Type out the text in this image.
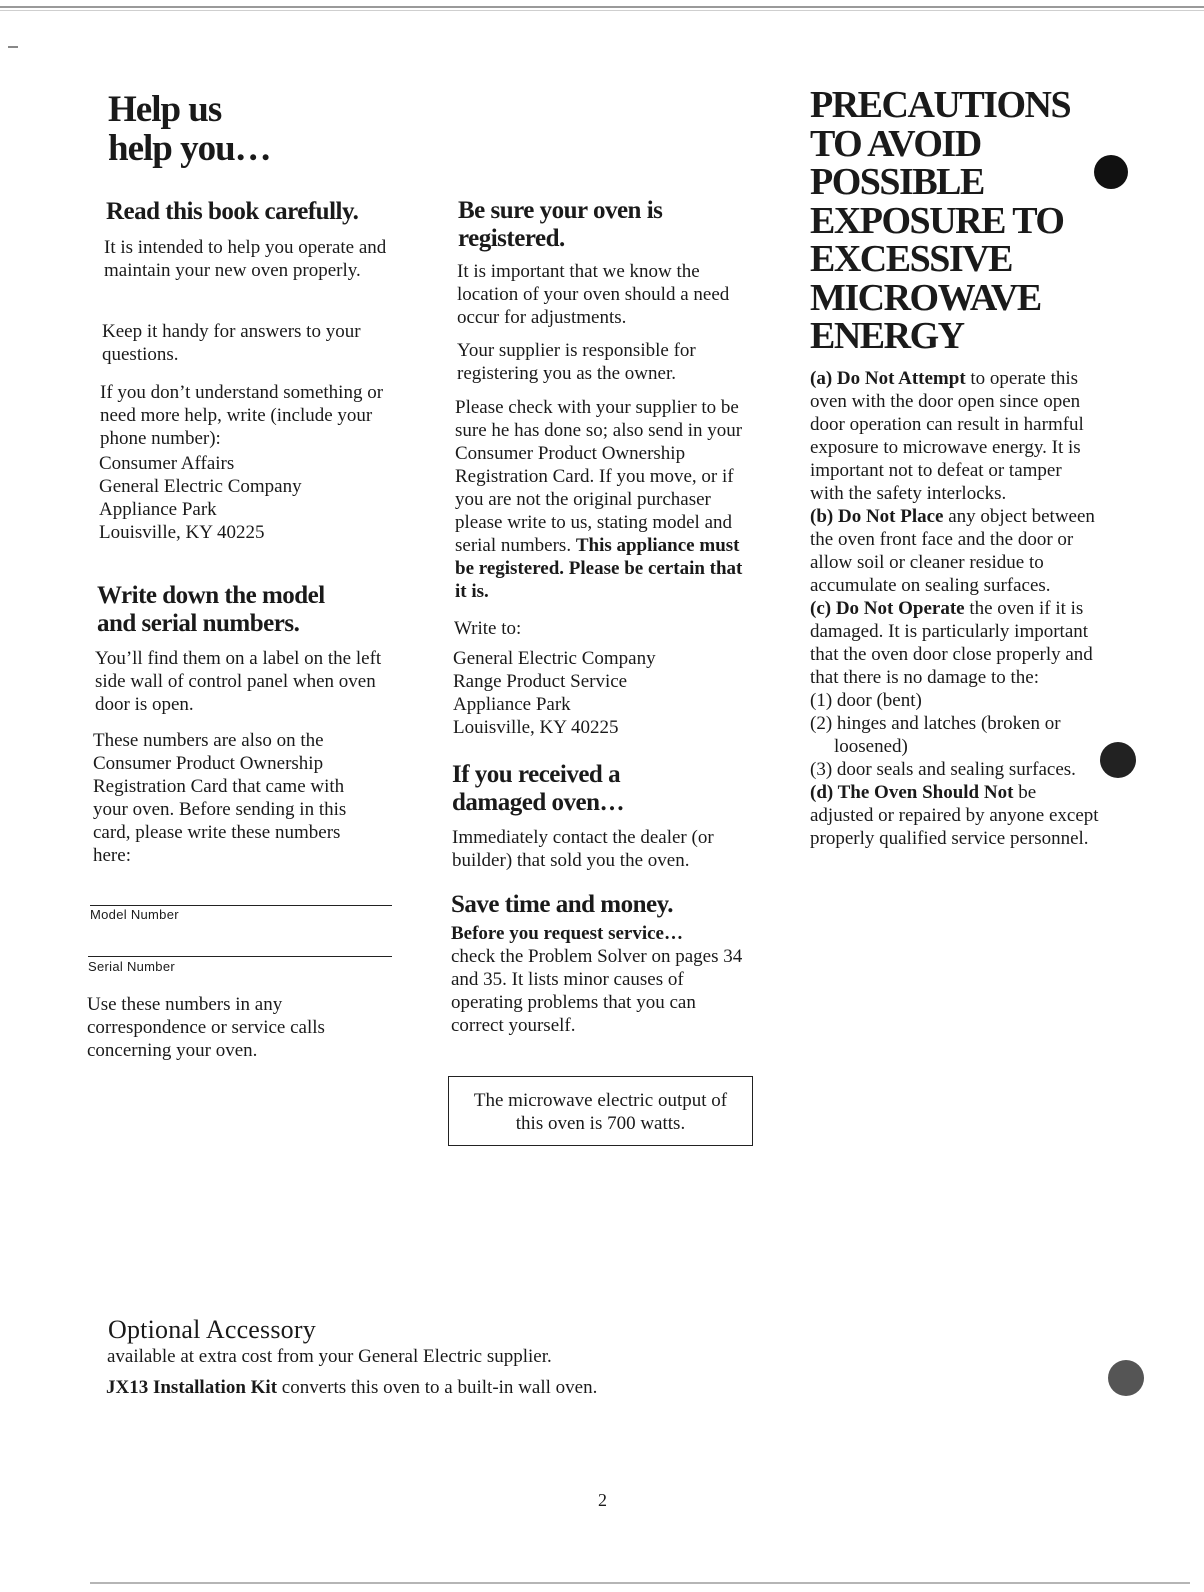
Help us
help you…
Read this book carefully.
It is intended to help you operate and maintain your new oven properly.
Keep it handy for answers to your questions.
If you don’t understand something or need more help, write (include your phone number):
Consumer Affairs
General Electric Company
Appliance Park
Louisville, KY 40225
Write down the model
and serial numbers.
You’ll find them on a label on the left side wall of control panel when oven door is open.
These numbers are also on the Consumer Product Ownership Registration Card that came with your oven. Before sending in this card, please write these numbers here:
Model Number
Serial Number
Use these numbers in any correspondence or service calls concerning your oven.
Be sure your oven is
registered.
It is important that we know the location of your oven should a need occur for adjustments.
Your supplier is responsible for registering you as the owner.
Please check with your supplier to be sure he has done so; also send in your Consumer Product Ownership Registration Card. If you move, or if you are not the original purchaser please write to us, stating model and serial numbers. This appliance must be registered. Please be certain that it is.
Write to:
General Electric Company
Range Product Service
Appliance Park
Louisville, KY 40225
If you received a
damaged oven…
Immediately contact the dealer (or builder) that sold you the oven.
Save time and money.
Before you request service…
check the Problem Solver on pages 34 and 35. It lists minor causes of operating problems that you can correct yourself.
The microwave electric output of
this oven is 700 watts.
PRECAUTIONS
TO AVOID
POSSIBLE
EXPOSURE TO
EXCESSIVE
MICROWAVE
ENERGY

(a) Do Not Attempt to operate this oven with the door open since open door operation can result in harmful exposure to microwave energy. It is important not to defeat or tamper with the safety interlocks.

(b) Do Not Place any object between the oven front face and the door or allow soil or cleaner residue to accumulate on sealing surfaces.

(c) Do Not Operate the oven if it is damaged. It is particularly important that the oven door close properly and that there is no damage to the:

(1) door (bent)
(2) hinges and latches (broken or loosened)
(3) door seals and sealing surfaces.

(d) The Oven Should Not be adjusted or repaired by anyone except properly qualified service personnel.

Optional Accessory
available at extra cost from your General Electric supplier.
JX13 Installation Kit converts this oven to a built-in wall oven.
2
